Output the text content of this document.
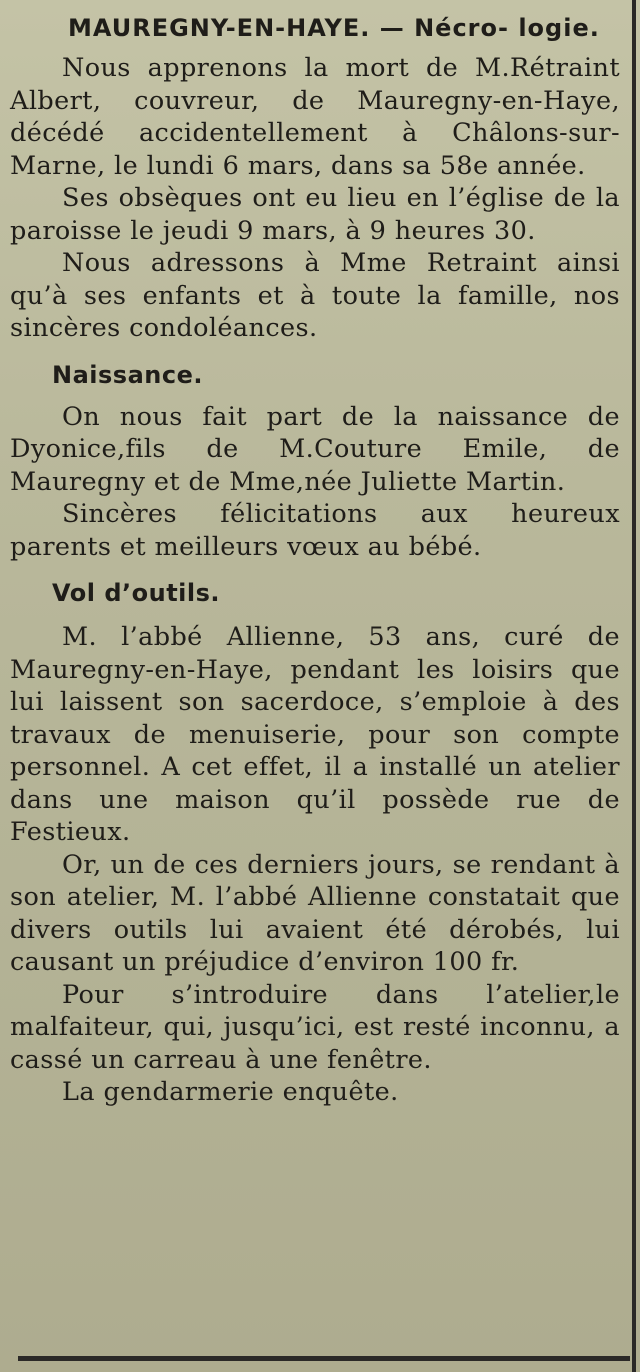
MAUREGNY-EN-HAYE. — Nécro- logie.

Nous apprenons la mort de M.Rétraint Albert, couvreur, de Mauregny-en-Haye, décédé accidentellement à Châlons-sur-Marne, le lundi 6 mars, dans sa 58e année.

Ses obsèques ont eu lieu en l’église de la paroisse le jeudi 9 mars, à 9 heures 30.

Nous adressons à Mme Retraint ainsi qu’à ses enfants et à toute la famille, nos sincères condoléances.

Naissance.

On nous fait part de la naissance de Dyonice,fils de M.Couture Emile, de Mauregny et de Mme,née Juliette Martin.

Sincères félicitations aux heureux parents et meilleurs vœux au bébé.

Vol d’outils.

M. l’abbé Allienne, 53 ans, curé de Mauregny-en-Haye, pendant les loisirs que lui laissent son sacerdoce, s’emploie à des travaux de menuiserie, pour son compte personnel. A cet effet, il a installé un atelier dans une maison qu’il possède rue de Festieux.

Or, un de ces derniers jours, se rendant à son atelier, M. l’abbé Allienne constatait que divers outils lui avaient été dérobés, lui causant un préjudice d’environ 100 fr.

Pour s’introduire dans l’atelier,le malfaiteur, qui, jusqu’ici, est resté inconnu, a cassé un carreau à une fenêtre.

La gendarmerie enquête.
